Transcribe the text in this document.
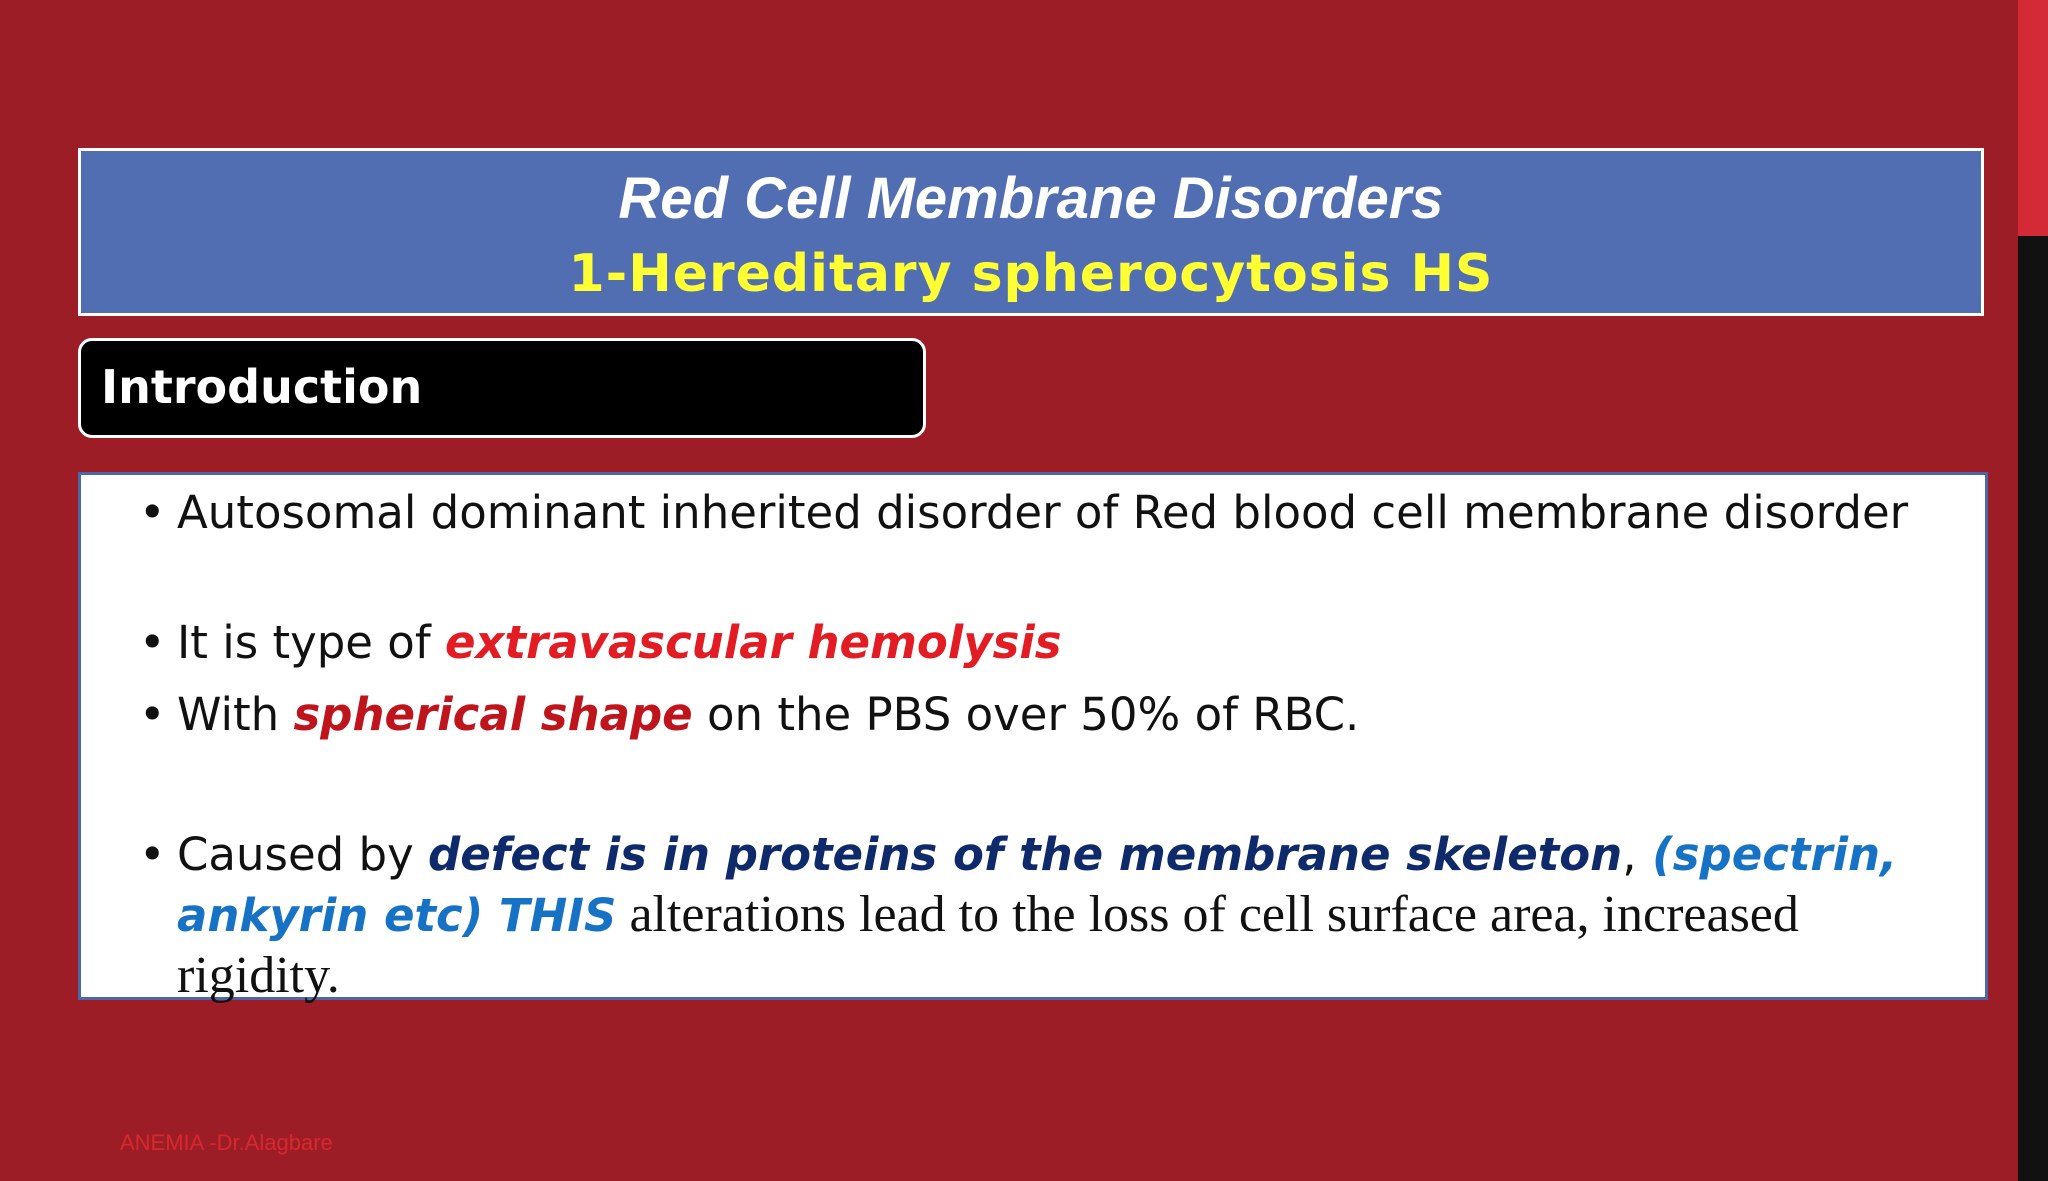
Red Cell Membrane Disorders
1-Hereditary spherocytosis HS
Introduction
• Autosomal dominant inherited disorder of Red blood cell membrane disorder
• It is type of extravascular hemolysis
• With spherical shape on the PBS over 50% of RBC.
• Caused by defect is in proteins of the membrane skeleton, (spectrin, ankyrin etc) THIS alterations lead to the loss of cell surface area, increased rigidity.
ANEMIA -Dr.Alagbare
